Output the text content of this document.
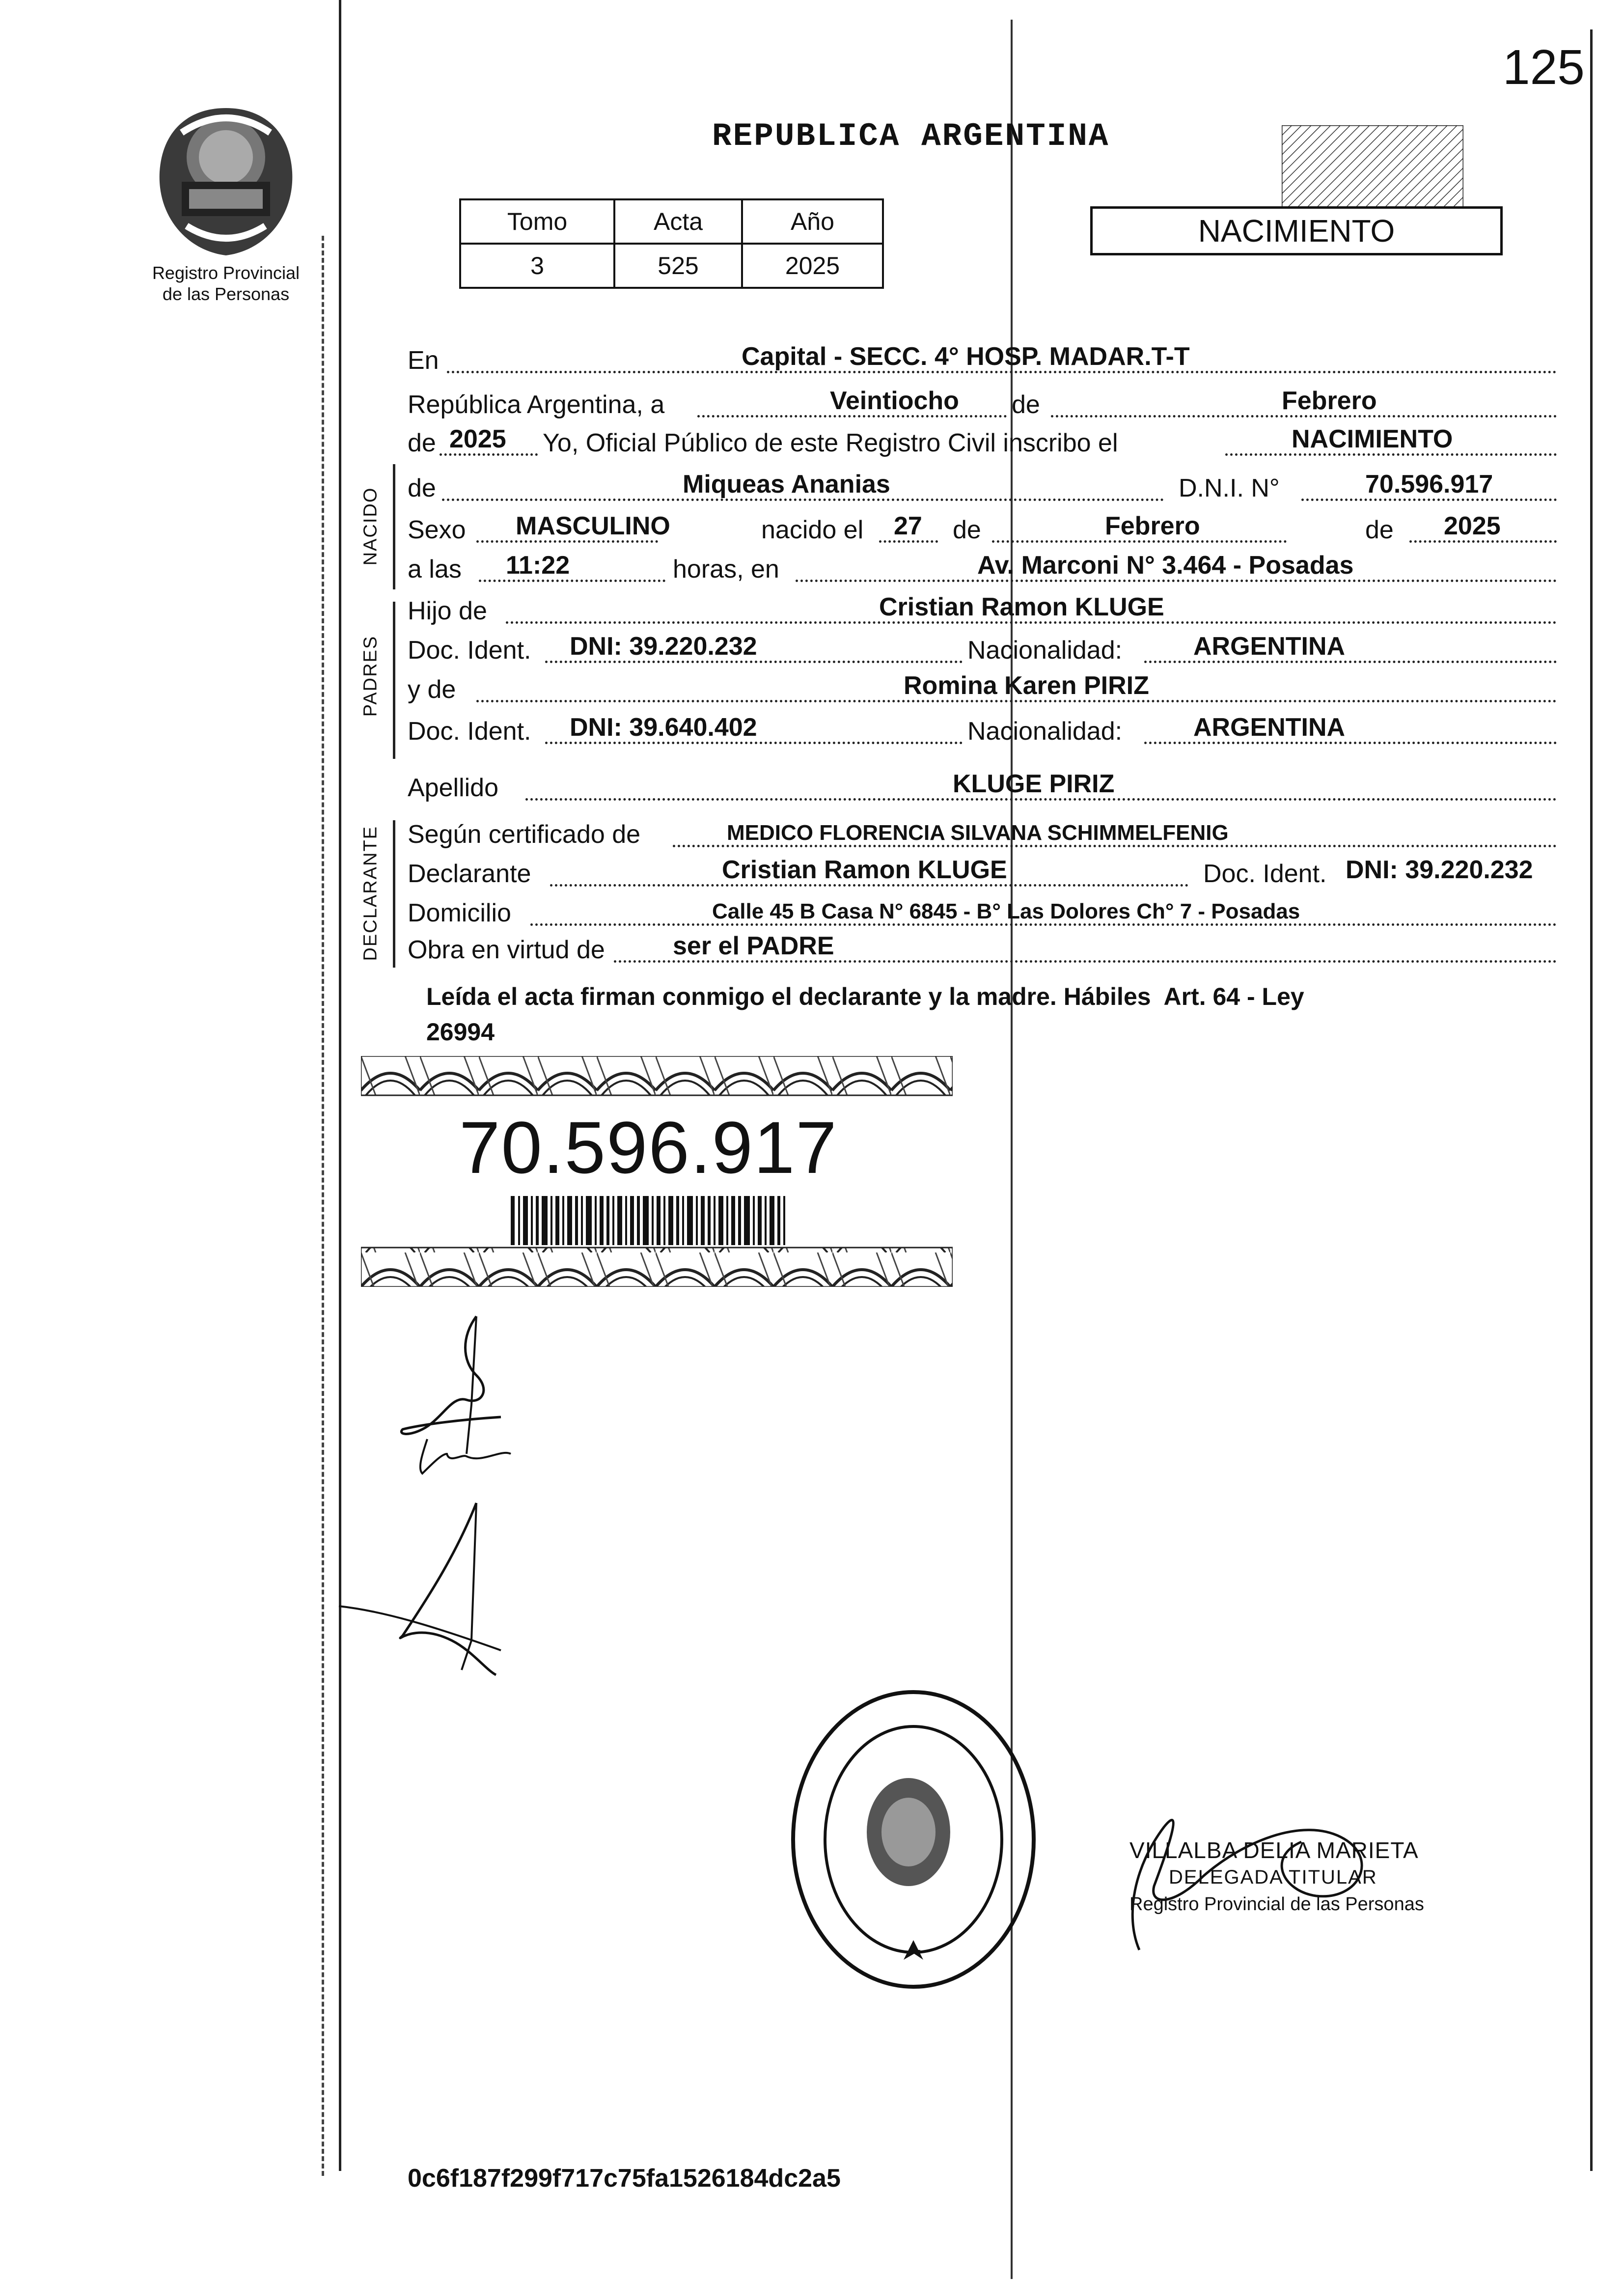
125
Registro Provincial
de las Personas
REPUBLICA ARGENTINA
Tomo	Acta	Año
3	525	2025
NACIMIENTO
En	Capital - SECC. 4° HOSP. MADAR.T-T
República Argentina, a	Veintiocho de	Febrero
de 2025 Yo, Oficial Público de este Registro Civil inscribo el	NACIMIENTO
NACIDO de	Miqueas Ananias	D.N.I. N°	70.596.917
Sexo MASCULINO	nacido el 27 de	Febrero	de 2025
a las 11:22	horas, en	Av. Marconi N° 3.464 - Posadas
PADRES
Hijo de	Cristian Ramon KLUGE
Doc. Ident. DNI: 39.220.232	Nacionalidad:	ARGENTINA
y de	Romina Karen PIRIZ
Doc. Ident. DNI: 39.640.402	Nacionalidad:	ARGENTINA
Apellido	KLUGE PIRIZ
DECLARANTE Según certificado de	MEDICO FLORENCIA SILVANA SCHIMMELFENIG
Declarante	Cristian Ramon KLUGE	Doc. Ident. DNI: 39.220.232
Domicilio	Calle 45 B Casa N° 6845 - B° Las Dolores Ch° 7 - Posadas
Obra en virtud de	ser el PADRE
Leída el acta firman conmigo el declarante y la madre. Hábiles  Art. 64 - Ley
26994
70.596.917
VILLALBA DELIA MARIETA
DELEGADA TITULAR
Registro Provincial de las Personas
0c6f187f299f717c75fa1526184dc2a5
